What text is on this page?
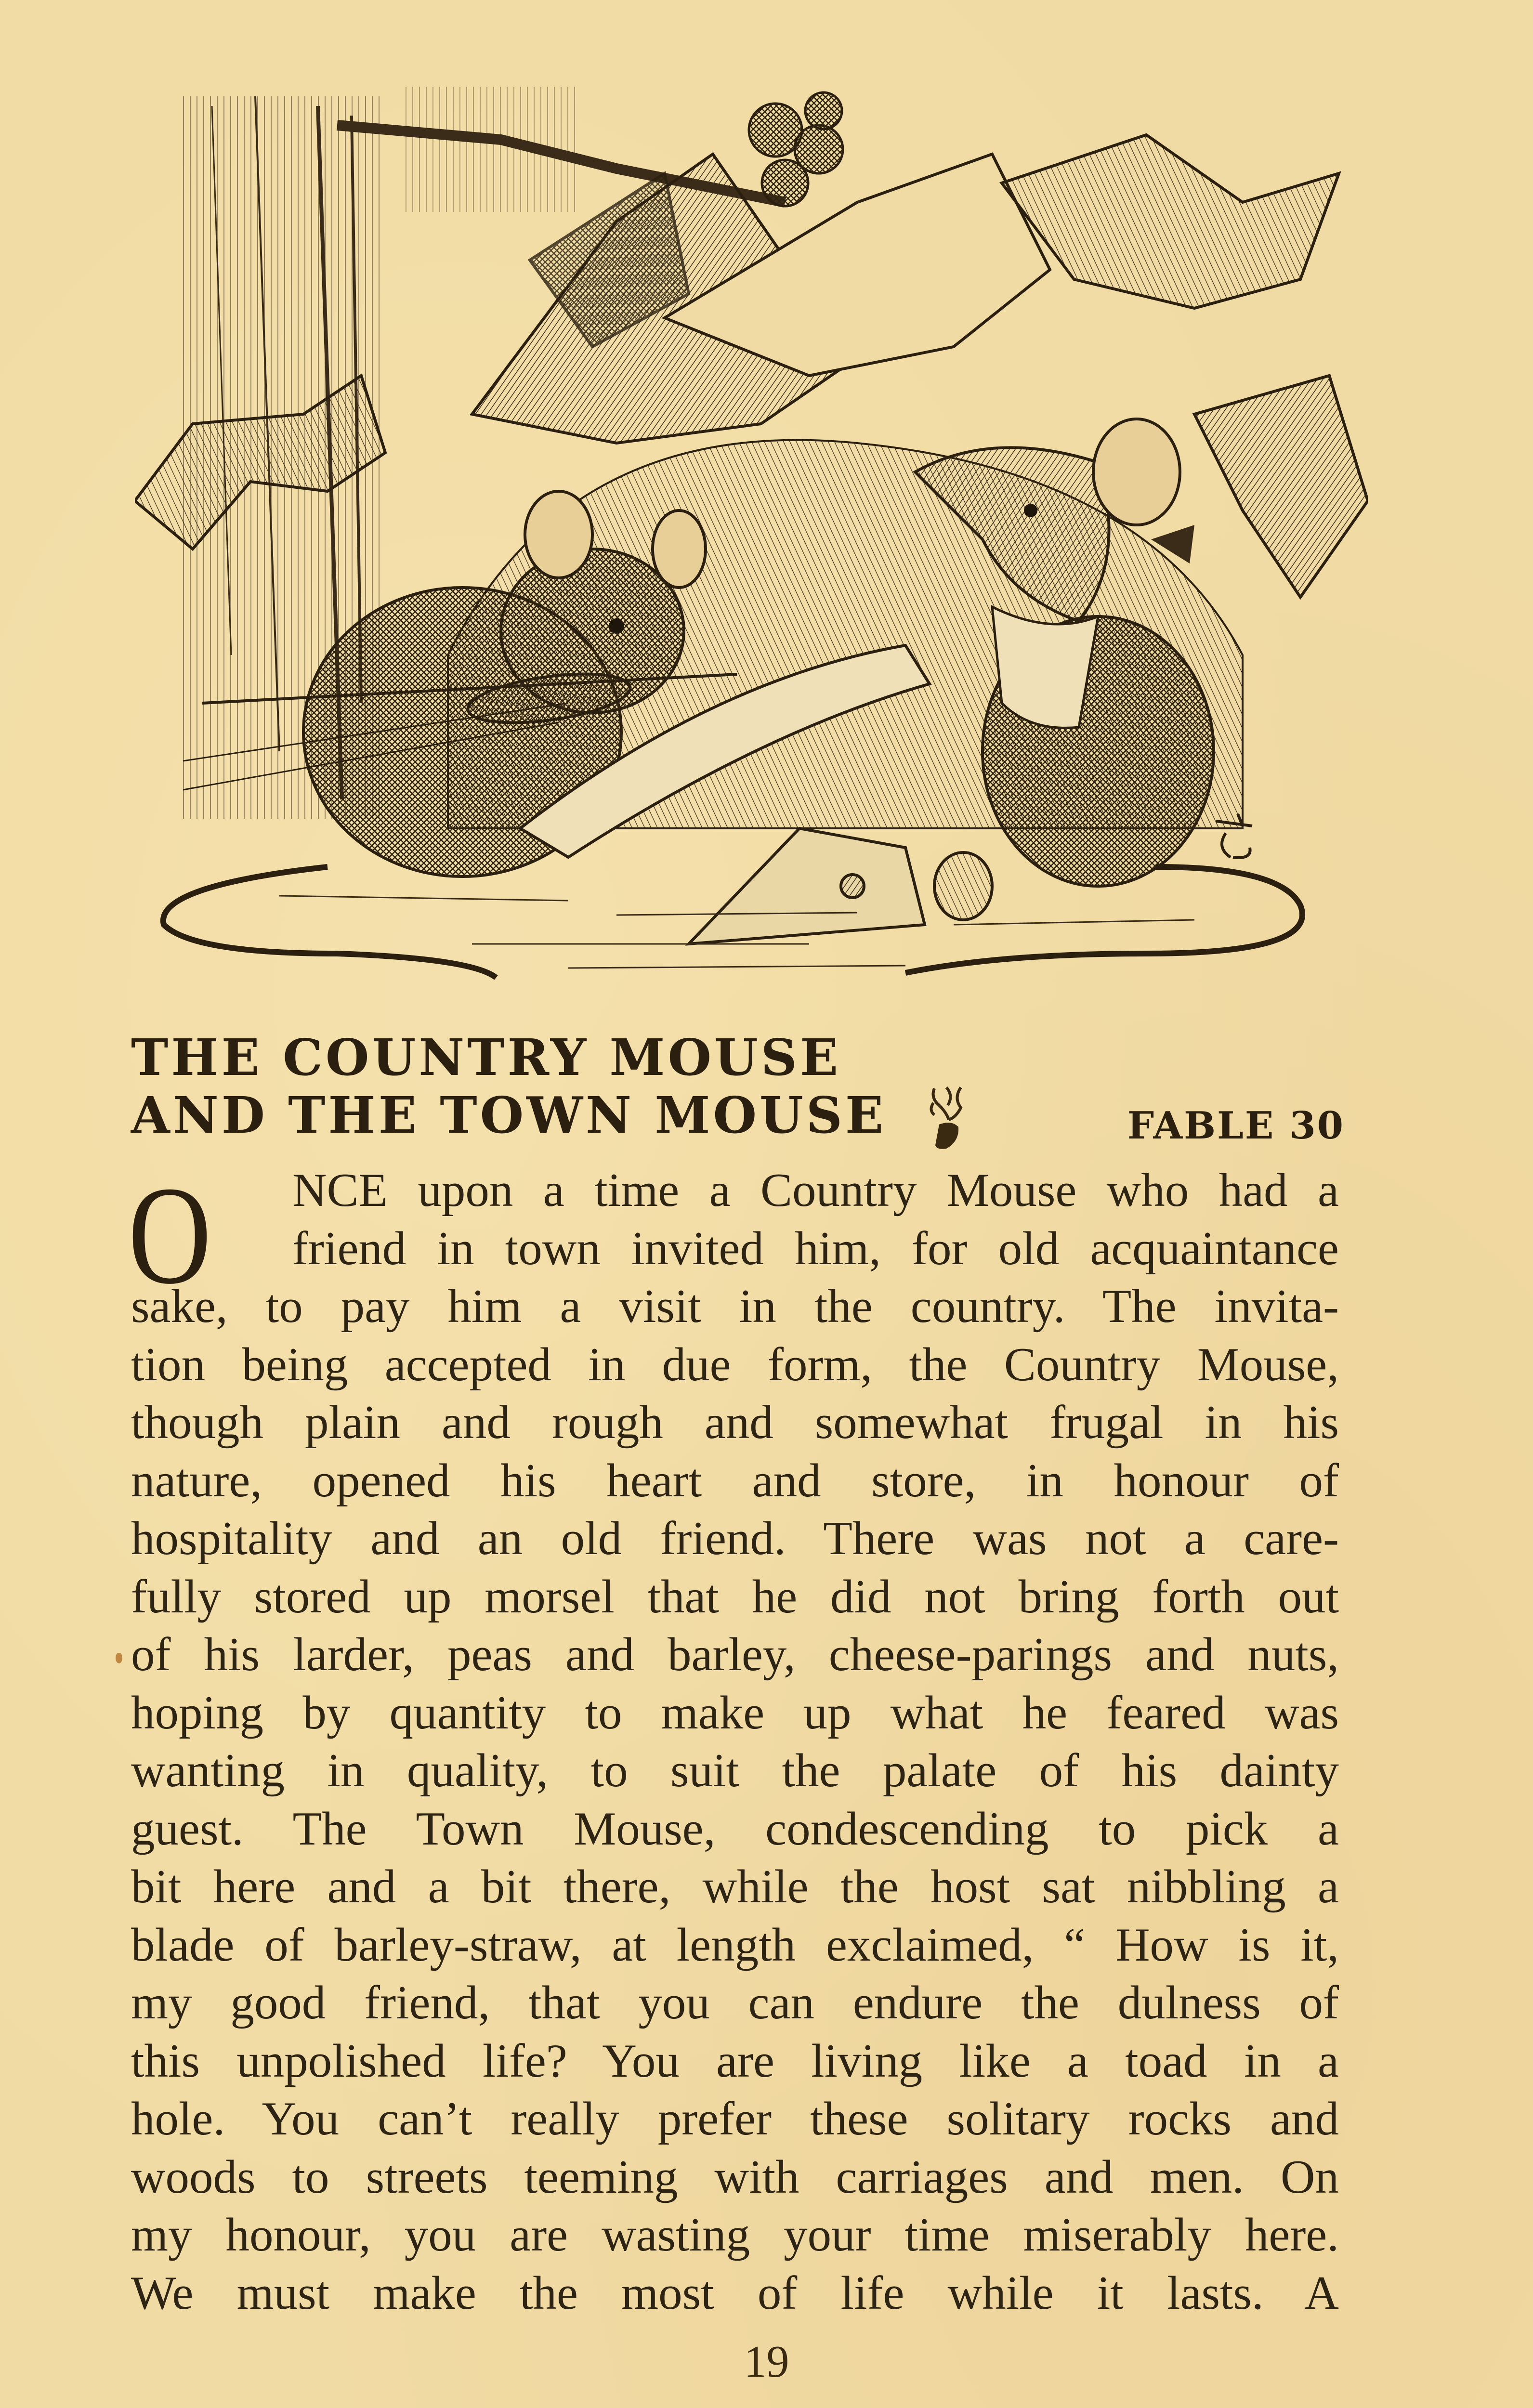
THE COUNTRY MOUSE
AND THE TOWN MOUSE	FABLE 30
O	NCE upon a time a Country Mouse who had a
friend in town invited him, for old acquaintance
sake, to pay him a visit in the country. The invita-
tion being accepted in due form, the Country Mouse,
though plain and rough and somewhat frugal in his
nature, opened his heart and store, in honour of
hospitality and an old friend. There was not a care-
fully stored up morsel that he did not bring forth out
of his larder, peas and barley, cheese-parings and nuts,
hoping by quantity to make up what he feared was
wanting in quality, to suit the palate of his dainty
guest. The Town Mouse, condescending to pick a
bit here and a bit there, while the host sat nibbling a
blade of barley-straw, at length exclaimed, “ How is it,
my good friend, that you can endure the dulness of
this unpolished life? You are living like a toad in a
hole. You can’t really prefer these solitary rocks and
woods to streets teeming with carriages and men. On
my honour, you are wasting your time miserably here.
We must make the most of life while it lasts. A
19
